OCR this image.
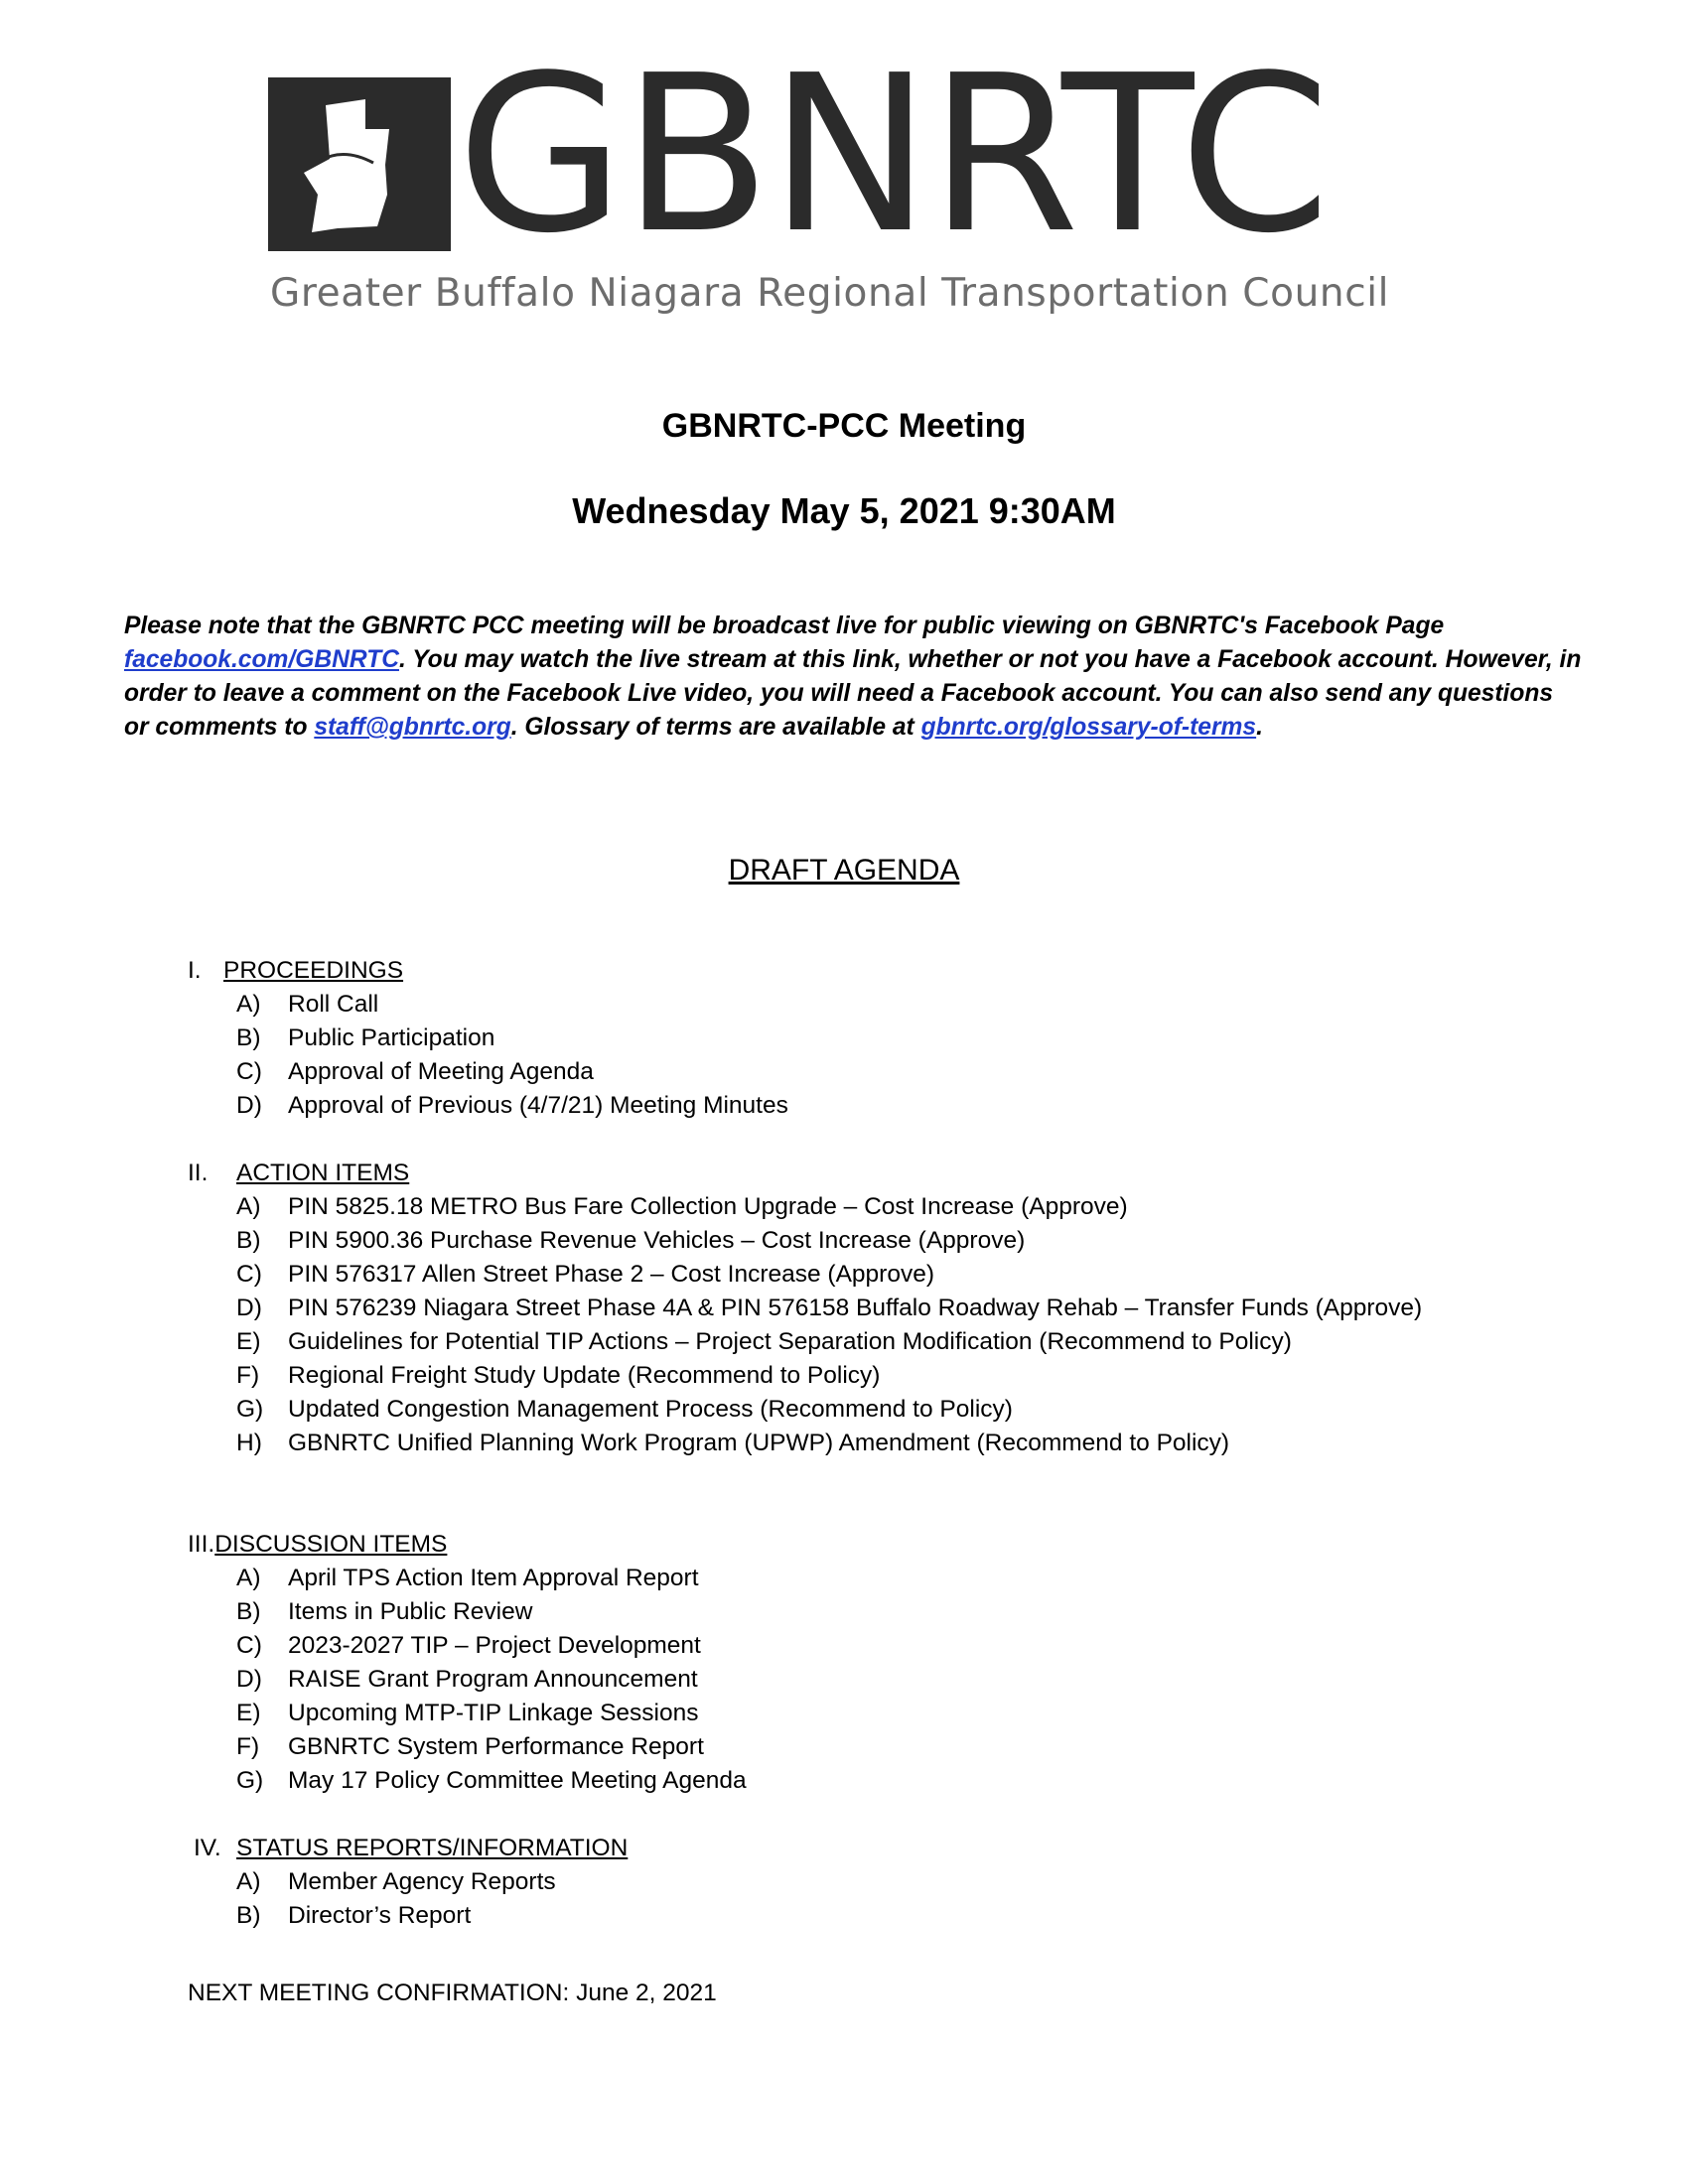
GBNRTC
Greater Buffalo Niagara Regional Transportation Council
GBNRTC-PCC Meeting
Wednesday May 5, 2021 9:30AM
Please note that the GBNRTC PCC meeting will be broadcast live for public viewing on GBNRTC's Facebook Page facebook.com/GBNRTC. You may watch the live stream at this link, whether or not you have a Facebook account. However, in order to leave a comment on the Facebook Live video, you will need a Facebook account. You can also send any questions or comments to staff@gbnrtc.org. Glossary of terms are available at gbnrtc.org/glossary-of-terms.
DRAFT AGENDA
I. PROCEEDINGS
A) Roll Call
B) Public Participation
C) Approval of Meeting Agenda
D) Approval of Previous (4/7/21) Meeting Minutes
II. ACTION ITEMS
A) PIN 5825.18 METRO Bus Fare Collection Upgrade – Cost Increase (Approve)
B) PIN 5900.36 Purchase Revenue Vehicles – Cost Increase (Approve)
C) PIN 576317 Allen Street Phase 2 – Cost Increase (Approve)
D) PIN 576239 Niagara Street Phase 4A & PIN 576158 Buffalo Roadway Rehab – Transfer Funds (Approve)
E) Guidelines for Potential TIP Actions – Project Separation Modification (Recommend to Policy)
F) Regional Freight Study Update (Recommend to Policy)
G) Updated Congestion Management Process (Recommend to Policy)
H) GBNRTC Unified Planning Work Program (UPWP) Amendment (Recommend to Policy)
III.DISCUSSION ITEMS
A) April TPS Action Item Approval Report
B) Items in Public Review
C) 2023-2027 TIP – Project Development
D) RAISE Grant Program Announcement
E) Upcoming MTP-TIP Linkage Sessions
F) GBNRTC System Performance Report
G) May 17 Policy Committee Meeting Agenda
IV. STATUS REPORTS/INFORMATION
A) Member Agency Reports
B) Director’s Report
NEXT MEETING CONFIRMATION: June 2, 2021
